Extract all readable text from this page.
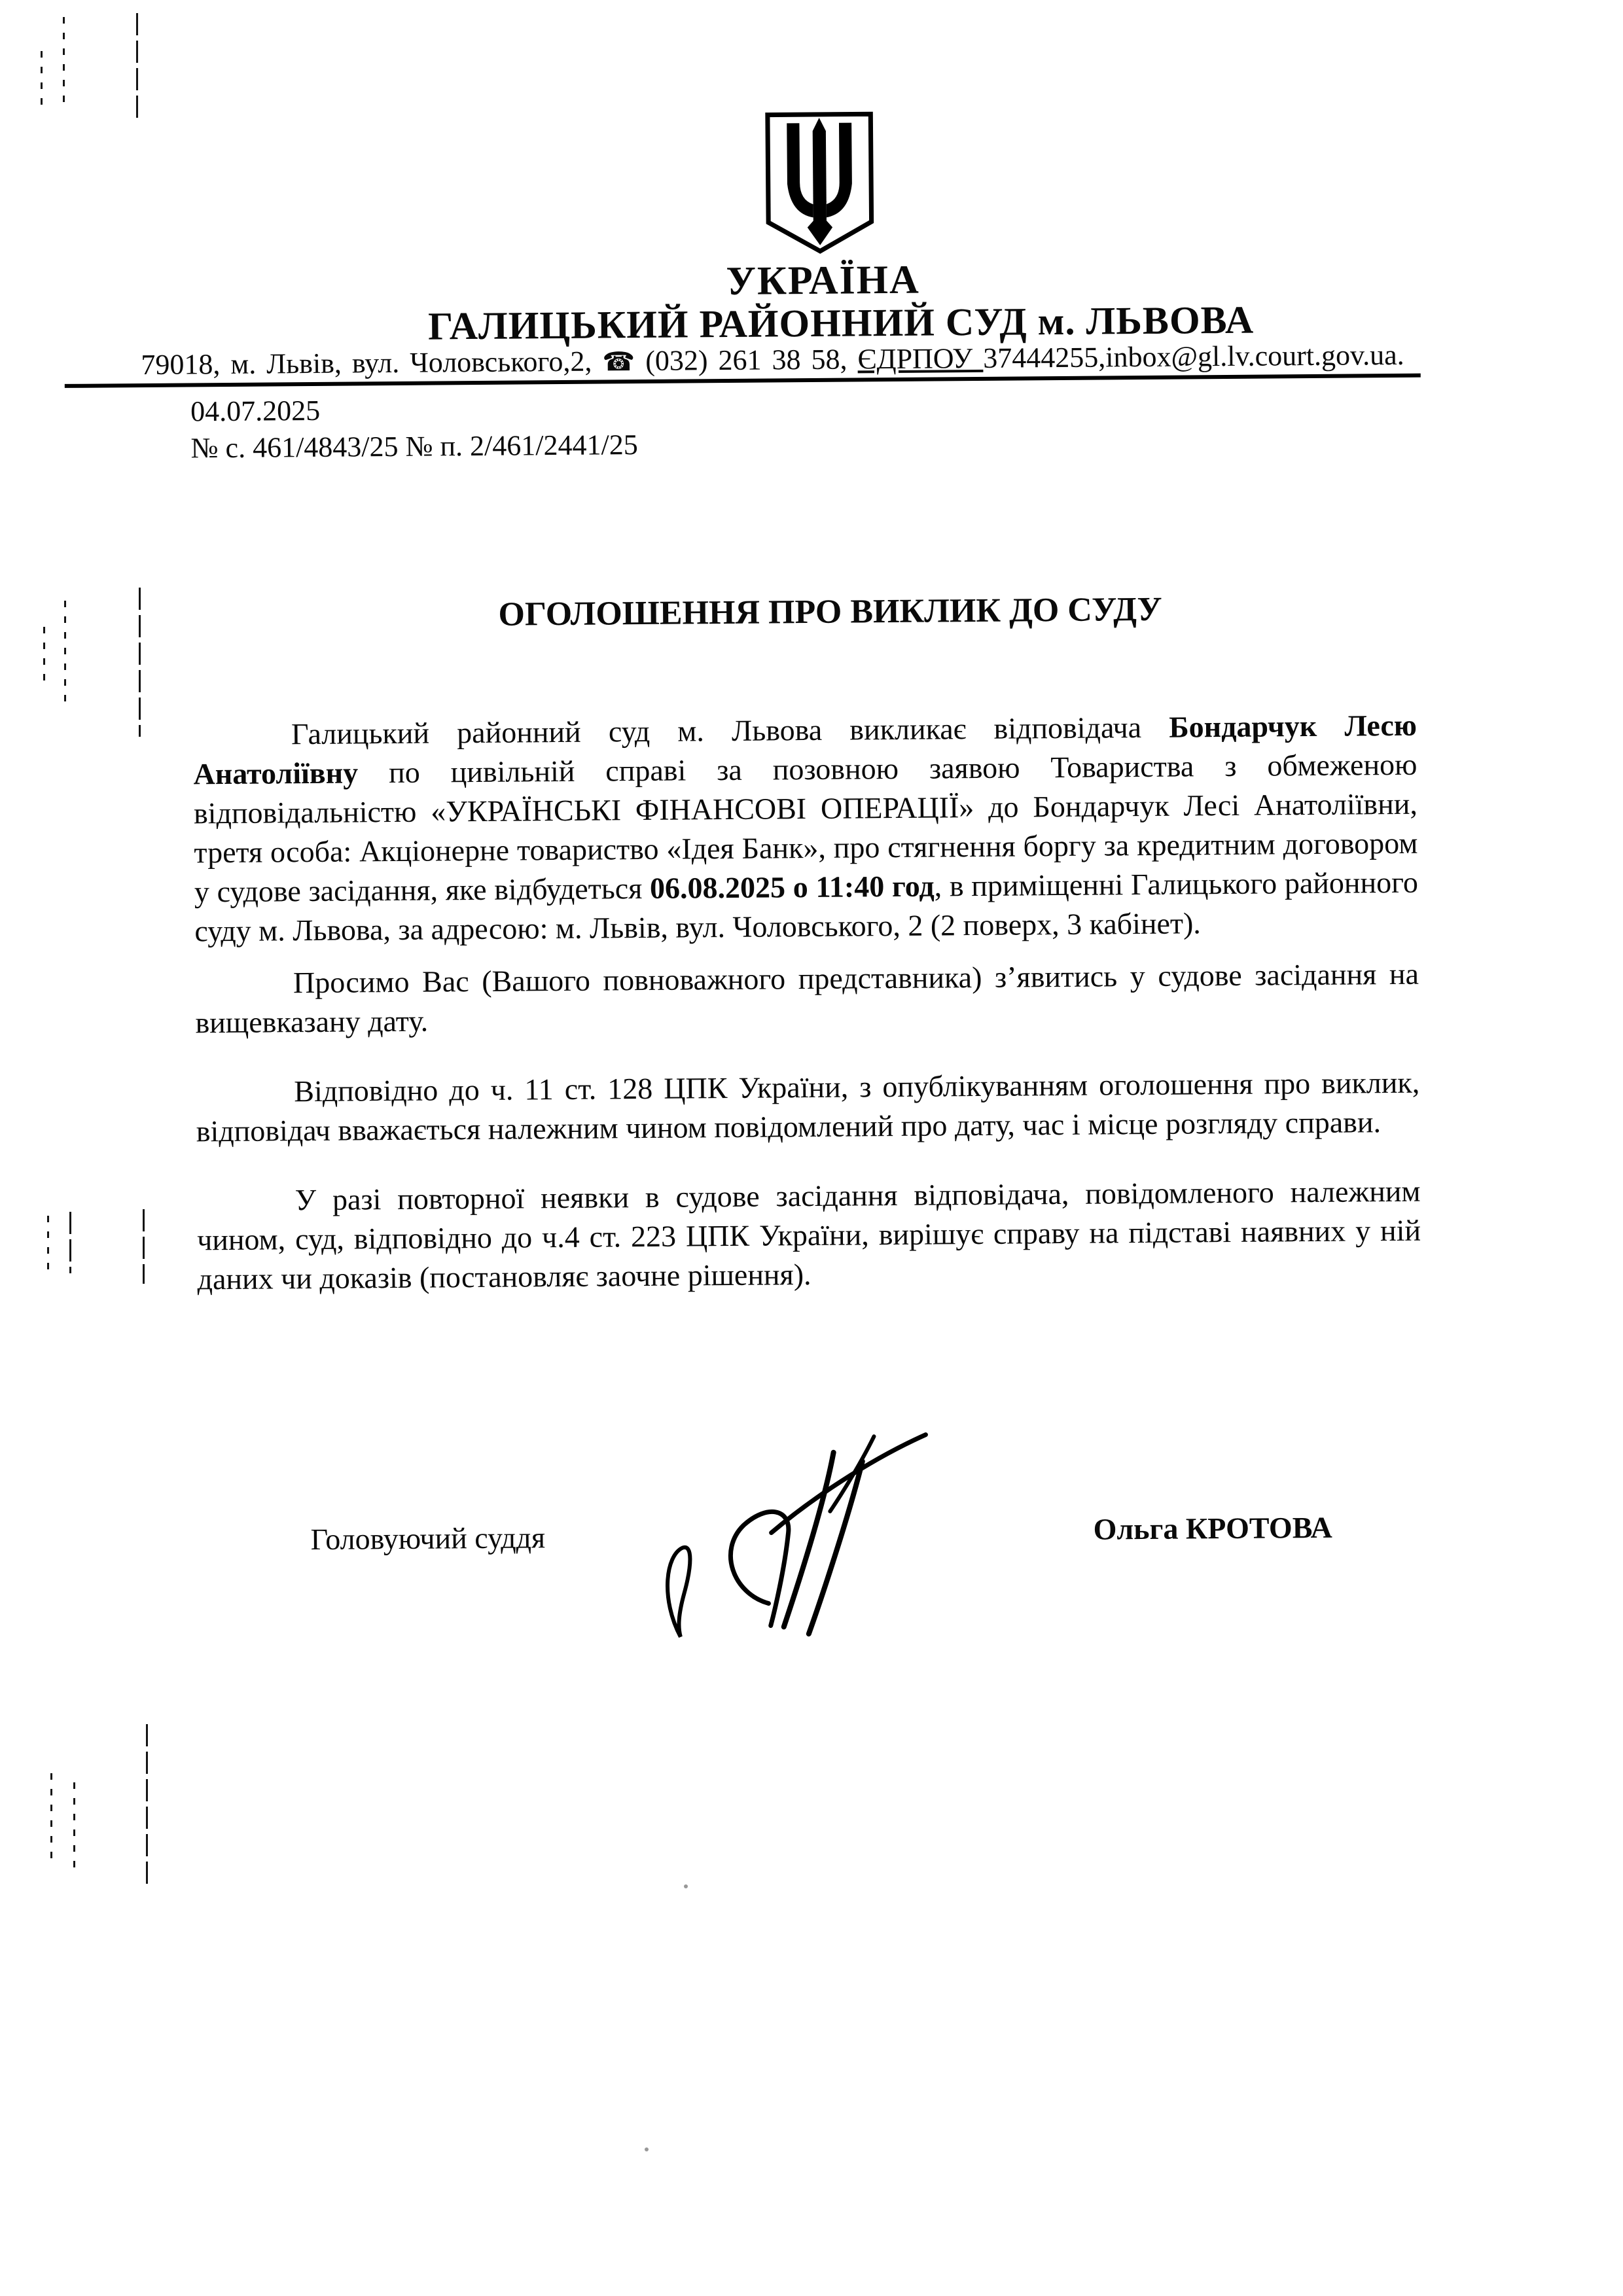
УКРАЇНА
ГАЛИЦЬКИЙ РАЙОННИЙ СУД м. ЛЬВОВА
79018, м. Львів, вул. Чоловського,2, ☎ (032) 261 38 58, ЄДРПОУ 37444255,inbox@gl.lv.court.gov.ua.
04.07.2025
№ с. 461/4843/25 № п. 2/461/2441/25
ОГОЛОШЕННЯ ПРО ВИКЛИК ДО СУДУ

Галицький районний суд м. Львова викликає відповідача Бондарчук Лесю Анатоліївну по цивільній справі за позовною заявою Товариства з обмеженою відповідальністю «УКРАЇНСЬКІ ФІНАНСОВІ ОПЕРАЦІЇ» до Бондарчук Лесі Анатоліївни, третя особа: Акціонерне товариство «Ідея Банк», про стягнення боргу за кредитним договором у судове засідання, яке відбудеться 06.08.2025 о 11:40 год, в приміщенні Галицького районного суду м. Львова, за адресою: м. Львів, вул. Чоловського, 2 (2 поверх, 3 кабінет).

Просимо Вас (Вашого повноважного представника) з’явитись у судове засідання на вищевказану дату.

Відповідно до ч. 11 ст. 128 ЦПК України, з опублікуванням оголошення про виклик, відповідач вважається належним чином повідомлений про дату, час і місце розгляду справи.

У разі повторної неявки в судове засідання відповідача, повідомленого належним чином, суд, відповідно до ч.4 ст. 223 ЦПК України, вирішує справу на підставі наявних у ній даних чи доказів (постановляє заочне рішення).

Головуючий суддя	Ольга КРОТОВА
